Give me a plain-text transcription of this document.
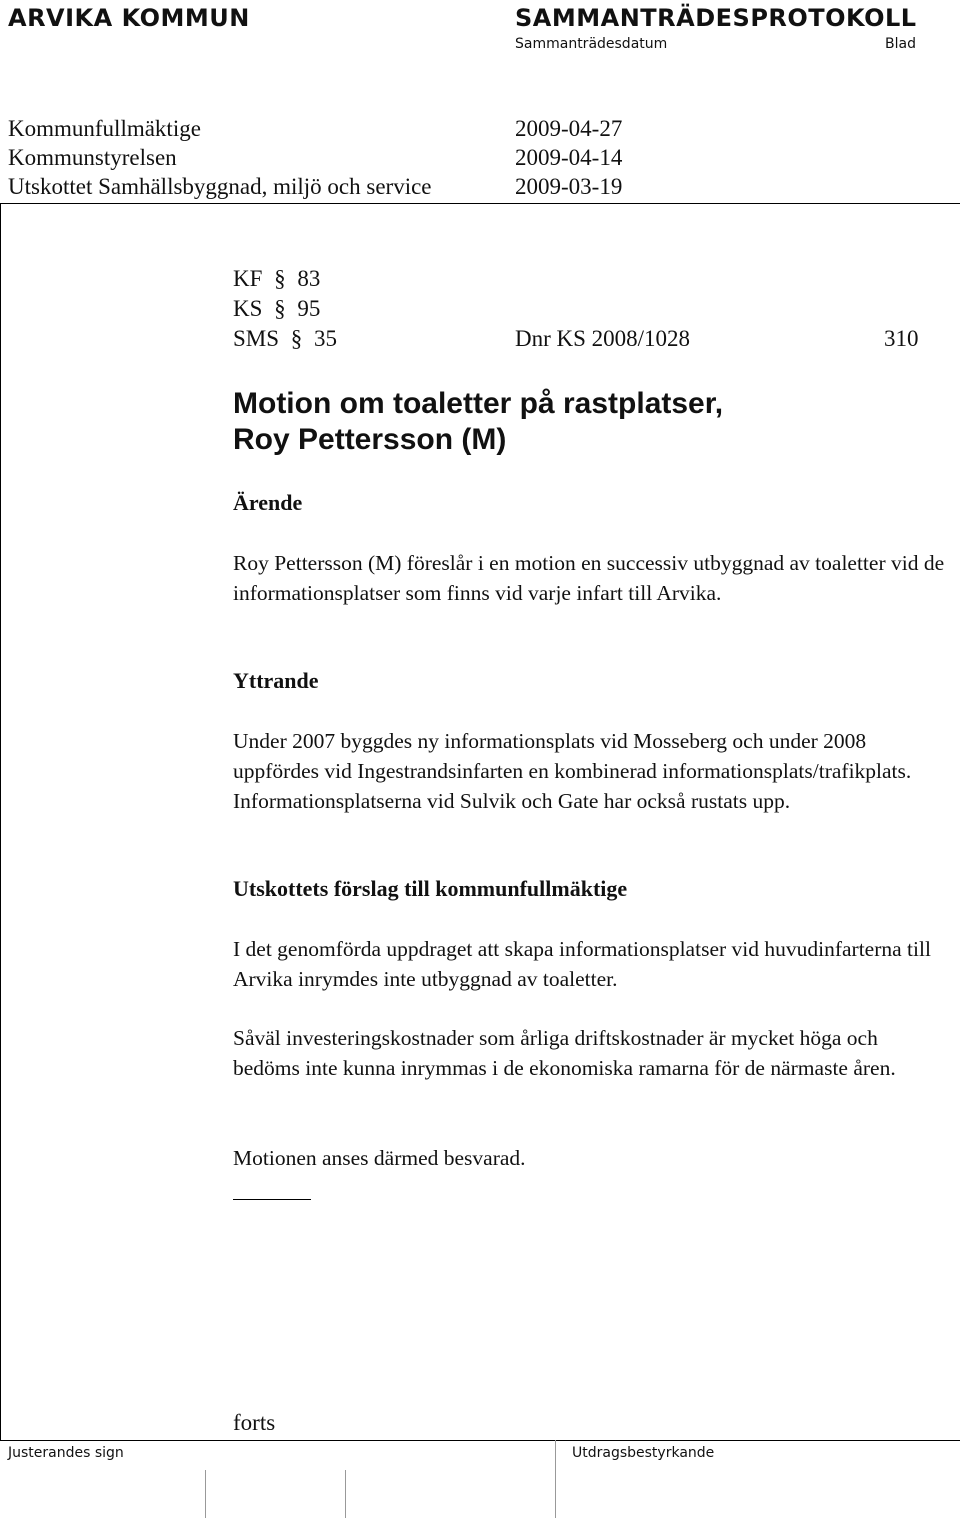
ARVIKA KOMMUN	SAMMANTRÄDESPROTOKOLL
Sammanträdesdatum	Blad
Kommunfullmäktige	2009-04-27
Kommunstyrelsen	2009-04-14
Utskottet Samhällsbyggnad, miljö och service	2009-03-19
KF § 83
KS § 95
SMS § 35	Dnr KS 2008/1028	310
Motion om toaletter på rastplatser,
Roy Pettersson (M)
Ärende
Roy Pettersson (M) föreslår i en motion en successiv utbyggnad av toaletter vid de informationsplatser som finns vid varje infart till Arvika.
Yttrande
Under 2007 byggdes ny informationsplats vid Mosseberg och under 2008 uppfördes vid Ingestrandsinfarten en kombinerad informationsplats/trafikplats. Informationsplatserna vid Sulvik och Gate har också rustats upp.
Utskottets förslag till kommunfullmäktige
I det genomförda uppdraget att skapa informationsplatser vid huvudinfarterna till Arvika inrymdes inte utbyggnad av toaletter.
Såväl investeringskostnader som årliga driftskostnader är mycket höga och bedöms inte kunna inrymmas i de ekonomiska ramarna för de närmaste åren.
Motionen anses därmed besvarad.
forts
Justerandes sign	Utdragsbestyrkande
